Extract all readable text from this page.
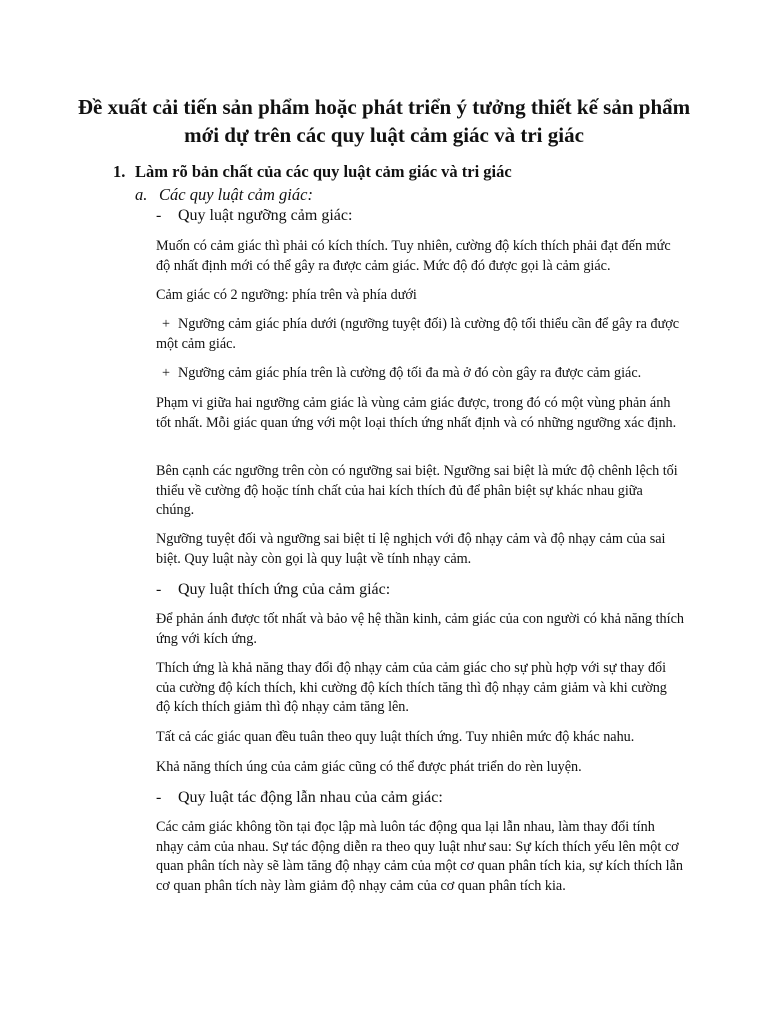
Đề xuất cải tiến sản phẩm hoặc phát triển ý tưởng thiết kế sản phẩm mới dự trên các quy luật cảm giác và tri giác
1. Làm rõ bản chất của các quy luật cảm giác và tri giác
a. Các quy luật cảm giác:
- Quy luật ngưỡng cảm giác:

Muốn có cảm giác thì phải có kích thích. Tuy nhiên, cường độ kích thích phải đạt đến mức độ nhất định mới có thể gây ra được cảm giác. Mức độ đó được gọi là cảm giác.

Cảm giác có 2 ngưỡng: phía trên và phía dưới

+ Ngưỡng cảm giác phía dưới (ngưỡng tuyệt đối) là cường độ tối thiểu cần để gây ra được một cảm giác.

+ Ngưỡng cảm giác phía trên là cường độ tối đa mà ở đó còn gây ra được cảm giác.

Phạm vi giữa hai ngưỡng cảm giác là vùng cảm giác được, trong đó có một vùng phản ánh tốt nhất. Mỗi giác quan ứng với một loại thích ứng nhất định và có những ngưỡng xác định.

Bên cạnh các ngưỡng trên còn có ngưỡng sai biệt. Ngưỡng sai biệt là mức độ chênh lệch tối thiểu về cường độ hoặc tính chất của hai kích thích đủ để phân biệt sự khác nhau giữa chúng.

Ngưỡng tuyệt đối và ngưỡng sai biệt tỉ lệ nghịch với độ nhạy cảm và độ nhạy cảm của sai biệt. Quy luật này còn gọi là quy luật về tính nhạy cảm.

- Quy luật thích ứng của cảm giác:

Để phản ánh được tốt nhất và bảo vệ hệ thần kinh, cảm giác của con người có khả năng thích ứng với kích ứng.

Thích ứng là khả năng thay đổi độ nhạy cảm của cảm giác cho sự phù hợp với sự thay đổi của cường độ kích thích, khi cường độ kích thích tăng thì độ nhạy cảm giảm và khi cường độ kích thích giảm thì độ nhạy cảm tăng lên.

Tất cả các giác quan đều tuân theo quy luật thích ứng. Tuy nhiên mức độ khác nahu.

Khả năng thích úng của cảm giác cũng có thể được phát triển do rèn luyện.

- Quy luật tác động lẫn nhau của cảm giác:

Các cảm giác không tồn tại đọc lập mà luôn tác động qua lại lẫn nhau, làm thay đổi tính nhạy cảm của nhau. Sự tác động diễn ra theo quy luật như sau: Sự kích thích yếu lên một cơ quan phân tích này sẽ làm tăng độ nhạy cảm của một cơ quan phân tích kia, sự kích thích lẫn cơ quan phân tích này làm giảm độ nhạy cảm của cơ quan phân tích kia.
